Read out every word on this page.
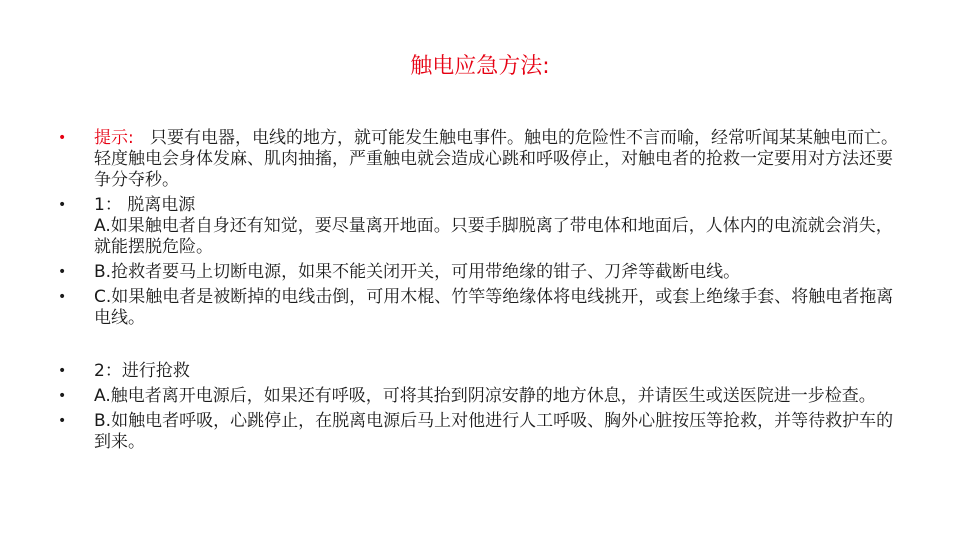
触电应急方法:
•	提示: 只要有电器，电线的地方，就可能发生触电事件。触电的危险性不言而喻，经常听闻某某触电而亡。轻度触电会身体发麻、肌肉抽搐，严重触电就会造成心跳和呼吸停止，对触电者的抢救一定要用对方法还要争分夺秒。
•	1： 脱离电源
A.如果触电者自身还有知觉，要尽量离开地面。只要手脚脱离了带电体和地面后，人体内的电流就会消失，就能摆脱危险。
•	B.抢救者要马上切断电源，如果不能关闭开关，可用带绝缘的钳子、刀斧等截断电线。
•	C.如果触电者是被断掉的电线击倒，可用木棍、竹竿等绝缘体将电线挑开，或套上绝缘手套、将触电者拖离电线。
•	2：进行抢救
•	A.触电者离开电源后，如果还有呼吸，可将其抬到阴凉安静的地方休息，并请医生或送医院进一步检查。
•	B.如触电者呼吸，心跳停止，在脱离电源后马上对他进行人工呼吸、胸外心脏按压等抢救，并等待救护车的到来。
